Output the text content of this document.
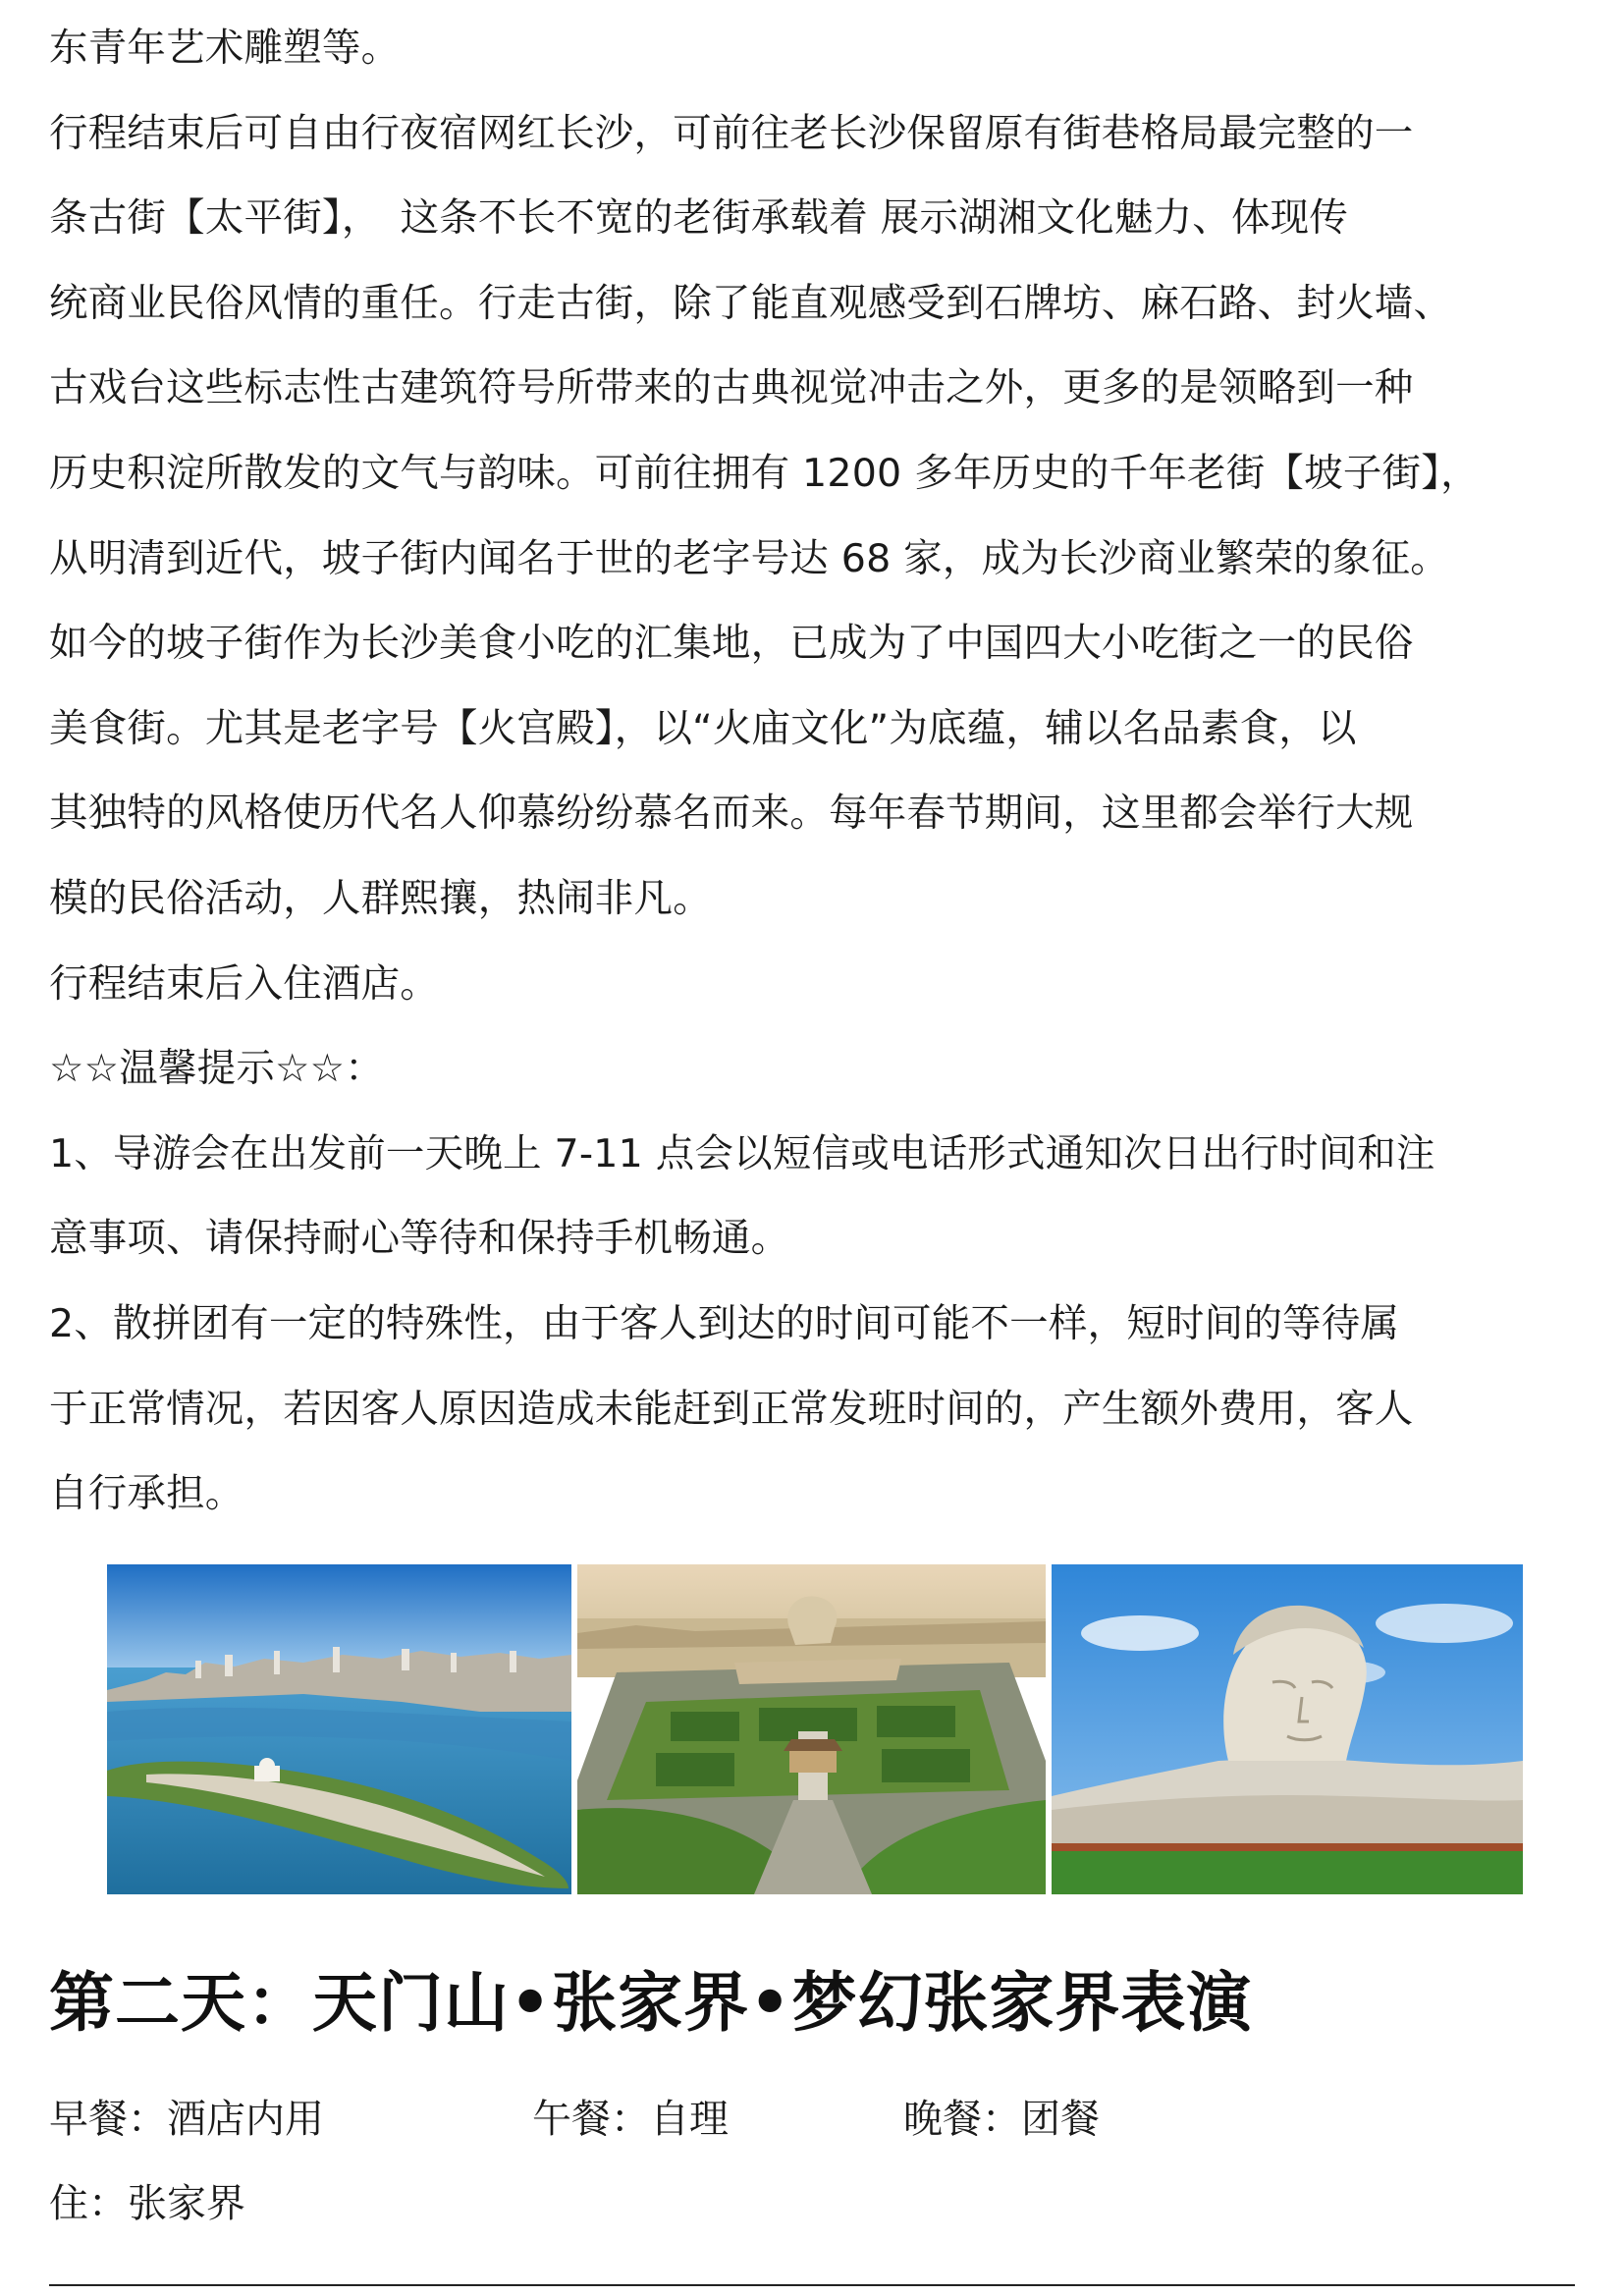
东青年艺术雕塑等。
行程结束后可自由行夜宿网红长沙，可前往老长沙保留原有街巷格局最完整的一
条古街【太平街】，　这条不长不宽的老街承载着 展示湖湘文化魅力、体现传
统商业民俗风情的重任。行走古街，除了能直观感受到石牌坊、麻石路、封火墙、
古戏台这些标志性古建筑符号所带来的古典视觉冲击之外，更多的是领略到一种
历史积淀所散发的文气与韵味。可前往拥有 1200 多年历史的千年老街【坡子街】，
从明清到近代，坡子街内闻名于世的老字号达 68 家，成为长沙商业繁荣的象征。
如今的坡子街作为长沙美食小吃的汇集地，已成为了中国四大小吃街之一的民俗
美食街。尤其是老字号【火宫殿】，以“火庙文化”为底蕴，辅以名品素食，以
其独特的风格使历代名人仰慕纷纷慕名而来。每年春节期间，这里都会举行大规
模的民俗活动，人群熙攘，热闹非凡。
行程结束后入住酒店。
☆☆温馨提示☆☆：
1、导游会在出发前一天晚上 7-11 点会以短信或电话形式通知次日出行时间和注
意事项、请保持耐心等待和保持手机畅通。
2、散拼团有一定的特殊性，由于客人到达的时间可能不一样，短时间的等待属
于正常情况，若因客人原因造成未能赶到正常发班时间的，产生额外费用，客人
自行承担。
第二天：天门山•张家界•梦幻张家界表演
早餐：酒店内用	午餐：自理	晚餐：团餐
住：张家界
